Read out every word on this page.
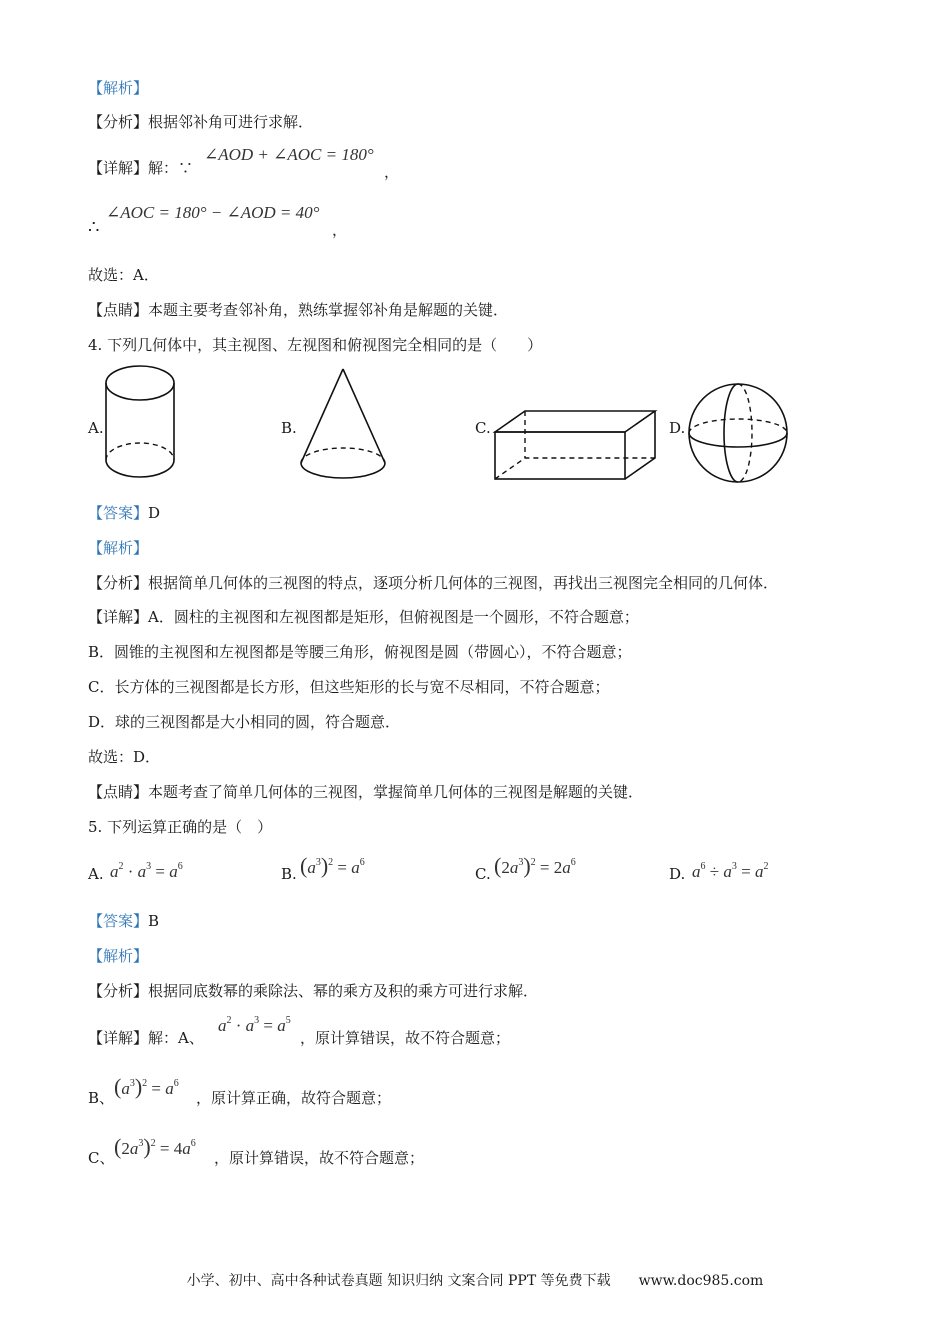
【解析】
【分析】根据邻补角可进行求解．
【详解】解：∵
∠AOD + ∠AOC = 180°
，
∴
∠AOC = 180° − ∠AOD = 40°
，
故选：A．
【点睛】本题主要考查邻补角，熟练掌握邻补角是解题的关键．
4. 下列几何体中，其主视图、左视图和俯视图完全相同的是（　　）
A.	B.	C.	D.
【答案】D
【解析】
【分析】根据简单几何体的三视图的特点，逐项分析几何体的三视图，再找出三视图完全相同的几何体．
【详解】A．圆柱的主视图和左视图都是矩形，但俯视图是一个圆形，不符合题意；
B．圆锥的主视图和左视图都是等腰三角形，俯视图是圆（带圆心），不符合题意；
C．长方体的三视图都是长方形，但这些矩形的长与宽不尽相同，不符合题意；
D．球的三视图都是大小相同的圆，符合题意．
故选：D．
【点睛】本题考查了简单几何体的三视图，掌握简单几何体的三视图是解题的关键．
5. 下列运算正确的是（　）
A. $a^2 \cdot a^3 = a^6$	B. $(a^3)^2 = a^6$
C. $(2a^3)^2 = 2a^6$
D. $a^6 \div a^3 = a^2$
【答案】B
【解析】
【分析】根据同底数幂的乘除法、幂的乘方及积的乘方可进行求解．
【详解】解：A、
$a^2 \cdot a^3 = a^5$
，原计算错误，故不符合题意；
B、 $(a^3)^2 = a^6$
，原计算正确，故符合题意；
C、 $(2a^3)^2 = 4a^6$
，原计算错误，故不符合题意；
小学、初中、高中各种试卷真题 知识归纳 文案合同 PPT 等免费下载　　www.doc985.com
